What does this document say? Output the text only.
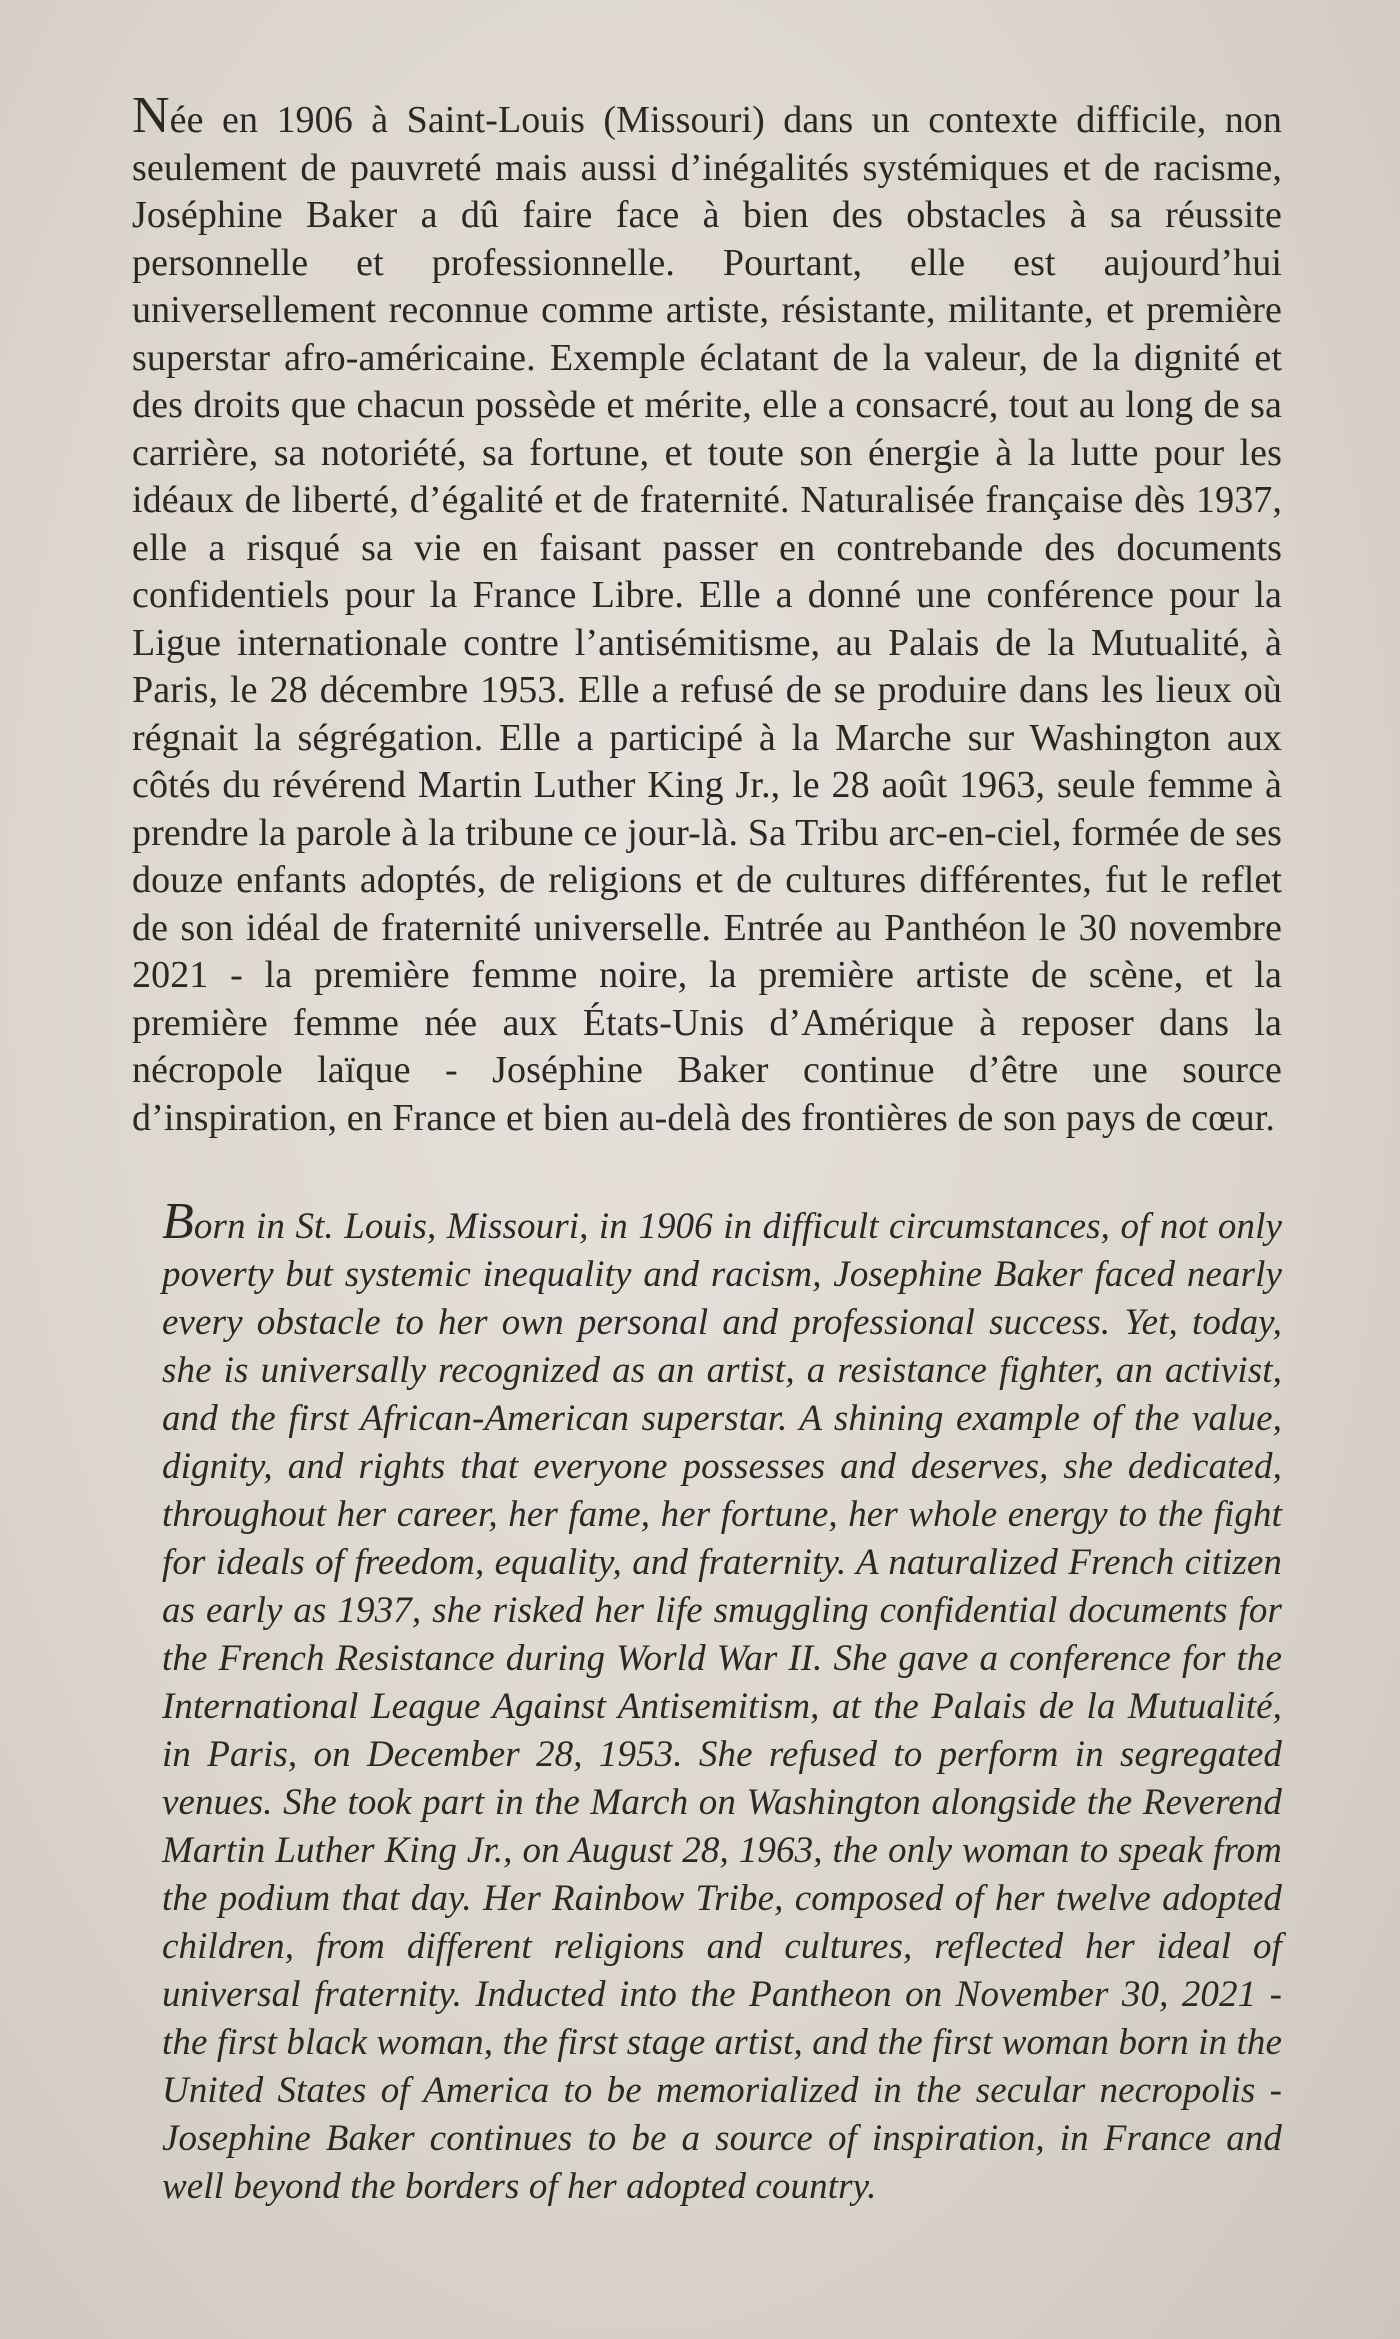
Née en 1906 à Saint-Louis (Missouri) dans un contexte difficile, non seulement de pauvreté mais aussi d’inégalités systémiques et de racisme, Joséphine Baker a dû faire face à bien des obstacles à sa réussite personnelle et professionnelle. Pourtant, elle est aujourd’hui universellement reconnue comme artiste, résistante, militante, et première superstar afro-américaine. Exemple éclatant de la valeur, de la dignité et des droits que chacun possède et mérite, elle a consacré, tout au long de sa carrière, sa notoriété, sa fortune, et toute son énergie à la lutte pour les idéaux de liberté, d’égalité et de fraternité. Naturalisée française dès 1937, elle a risqué sa vie en faisant passer en contrebande des documents confidentiels pour la France Libre. Elle a donné une conférence pour la Ligue internationale contre l’antisémitisme, au Palais de la Mutualité, à Paris, le 28 décembre 1953. Elle a refusé de se produire dans les lieux où régnait la ségrégation. Elle a participé à la Marche sur Washington aux côtés du révérend Martin Luther King Jr., le 28 août 1963, seule femme à prendre la parole à la tribune ce jour-là. Sa Tribu arc-en-ciel, formée de ses douze enfants adoptés, de religions et de cultures différentes, fut le reflet de son idéal de fraternité universelle. Entrée au Panthéon le 30 novembre 2021 - la première femme noire, la première artiste de scène, et la première femme née aux États-Unis d’Amérique à reposer dans la nécropole laïque - Joséphine Baker continue d’être une source d’inspiration, en France et bien au-delà des frontières de son pays de cœur.

Born in St. Louis, Missouri, in 1906 in difficult circumstances, of not only poverty but systemic inequality and racism, Josephine Baker faced nearly every obstacle to her own personal and professional success. Yet, today, she is universally recognized as an artist, a resistance fighter, an activist, and the first African-American superstar. A shining example of the value, dignity, and rights that everyone possesses and deserves, she dedicated, throughout her career, her fame, her fortune, her whole energy to the fight for ideals of freedom, equality, and fraternity. A naturalized French citizen as early as 1937, she risked her life smuggling confidential documents for the French Resistance during World War II. She gave a conference for the International League Against Antisemitism, at the Palais de la Mutualité, in Paris, on December 28, 1953. She refused to perform in segregated venues. She took part in the March on Washington alongside the Reverend Martin Luther King Jr., on August 28, 1963, the only woman to speak from the podium that day. Her Rainbow Tribe, composed of her twelve adopted children, from different religions and cultures, reflected her ideal of universal fraternity. Inducted into the Pantheon on November 30, 2021 - the first black woman, the first stage artist, and the first woman born in the United States of America to be memorialized in the secular necropolis - Josephine Baker continues to be a source of inspiration, in France and well beyond the borders of her adopted country.
